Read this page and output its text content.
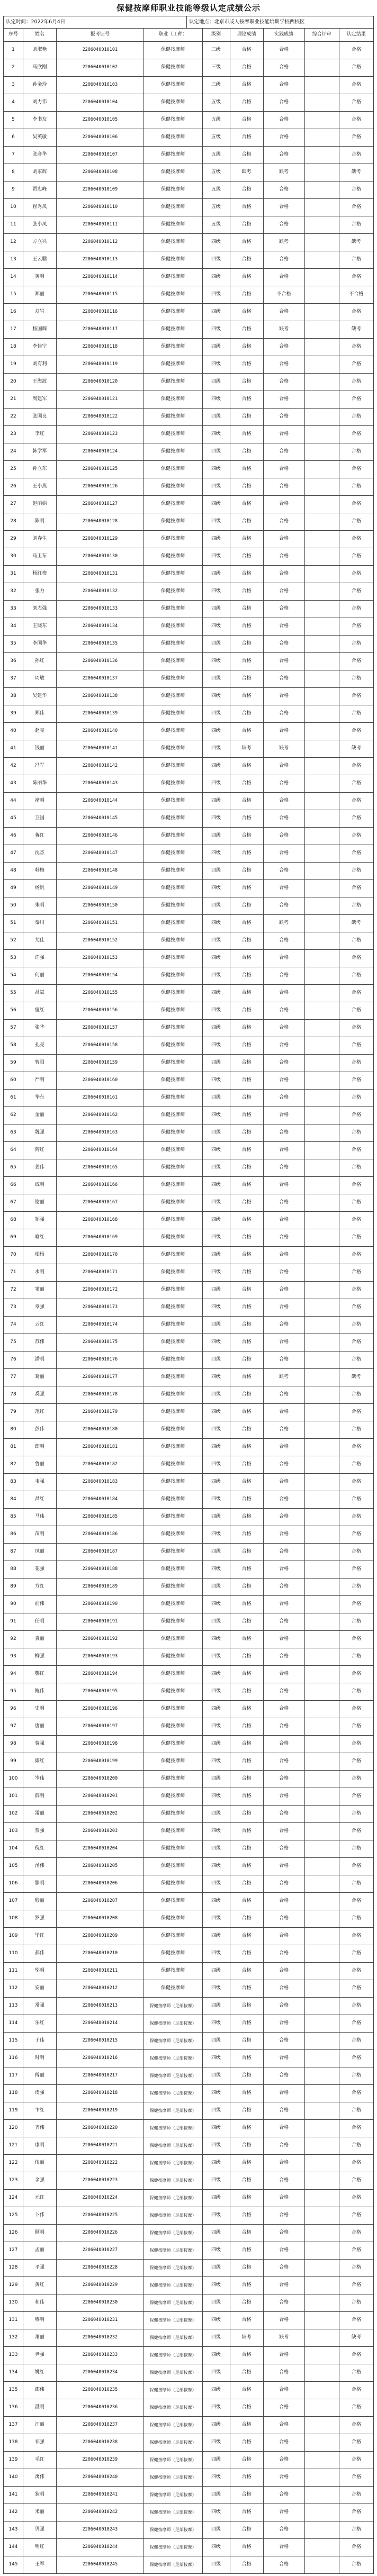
保健按摩师职业技能等级认定成绩公示
认定时间：2022年6月4日	认定地点：北京市成人按摩职业技能培训学校西校区
序号	姓名	报考证号	职业（工种）	级别	理论成绩	实践成绩	综合评审	认定结果
1	刘淑艳	2206040010101	保健按摩师	三级	合格	合格		合格
2	马欣刚	2206040010102	保健按摩师	三级	合格	合格		合格
3	孙金玲	2206040010103	保健按摩师	三级	合格	合格		合格
4	刘力伟	2206040010104	保健按摩师	五级	合格	合格		合格
5	李书友	2206040010105	保健按摩师	五级	合格	合格		合格
6	吴英敏	2206040010106	保健按摩师	五级	合格	合格		合格
7	张彦华	2206040010107	保健按摩师	五级	合格	合格		合格
8	刘家辉	2206040010108	保健按摩师	五级	缺考	缺考		缺考
9	贾忠峰	2206040010109	保健按摩师	五级	合格	合格		合格
10	崔秀凤	2206040010110	保健按摩师	五级	合格	合格		合格
11	张小凤	2206040010111	保健按摩师	五级	合格	合格		合格
12	方立兴	2206040010112	保健按摩师	四级	合格	缺考		缺考
13	王云鹏	2206040010113	保健按摩师	四级	合格	合格		合格
14	黄明	2206040010114	保健按摩师	四级	合格	合格		合格
15	郑丽	2206040010115	保健按摩师	四级	合格	不合格		不合格
16	刘岩	2206040010116	保健按摩师	四级	合格	合格		合格
17	杨国辉	2206040010117	保健按摩师	四级	合格	缺考		缺考
18	李佳宁	2206040010118	保健按摩师	四级	合格	合格		合格
19	刘有利	2206040010119	保健按摩师	四级	合格	合格		合格
20	王海波	2206040010120	保健按摩师	四级	合格	合格		合格
21	周建军	2206040010121	保健按摩师	四级	合格	合格		合格
22	张国良	2206040010122	保健按摩师	四级	合格	合格		合格
23	李红	2206040010123	保健按摩师	四级	合格	合格		合格
24	韩学军	2206040010124	保健按摩师	四级	合格	合格		合格
25	孙立东	2206040010125	保健按摩师	四级	合格	合格		合格
26	王小燕	2206040010126	保健按摩师	四级	合格	合格		合格
27	赵丽娟	2206040010127	保健按摩师	四级	合格	合格		合格
28	陈明	2206040010128	保健按摩师	四级	合格	合格		合格
29	刘春生	2206040010129	保健按摩师	四级	合格	合格		合格
30	马卫东	2206040010130	保健按摩师	四级	合格	合格		合格
31	杨红梅	2206040010131	保健按摩师	四级	合格	合格		合格
32	张力	2206040010132	保健按摩师	四级	合格	合格		合格
33	刘志强	2206040010133	保健按摩师	四级	合格	合格		合格
34	王晓东	2206040010134	保健按摩师	四级	合格	合格		合格
35	李国华	2206040010135	保健按摩师	四级	合格	合格		合格
36	孙红	2206040010136	保健按摩师	四级	合格	合格		合格
37	周敏	2206040010137	保健按摩师	四级	合格	合格		合格
38	吴建华	2206040010138	保健按摩师	四级	合格	合格		合格
39	郑伟	2206040010139	保健按摩师	四级	合格	合格		合格
40	赵亮	2206040010140	保健按摩师	四级	合格	合格		合格
41	钱丽	2206040010141	保健按摩师	四级	缺考	缺考		缺考
42	冯军	2206040010142	保健按摩师	四级	合格	合格		合格
43	陈丽华	2206040010143	保健按摩师	四级	合格	合格		合格
44	褚明	2206040010144	保健按摩师	四级	合格	合格		合格
45	卫国	2206040010145	保健按摩师	四级	合格	合格		合格
46	蒋红	2206040010146	保健按摩师	四级	合格	合格		合格
47	沈杰	2206040010147	保健按摩师	四级	合格	合格		合格
48	韩梅	2206040010148	保健按摩师	四级	合格	合格		合格
49	杨帆	2206040010149	保健按摩师	四级	合格	合格		合格
50	朱明	2206040010150	保健按摩师	四级	合格	合格		合格
51	秦川	2206040010151	保健按摩师	四级	合格	缺考		缺考
52	尤佳	2206040010152	保健按摩师	四级	合格	合格		合格
53	许强	2206040010153	保健按摩师	四级	合格	合格		合格
54	何丽	2206040010154	保健按摩师	四级	合格	合格		合格
55	吕斌	2206040010155	保健按摩师	四级	合格	合格		合格
56	施红	2206040010156	保健按摩师	四级	合格	合格		合格
57	张华	2206040010157	保健按摩师	四级	合格	合格		合格
58	孔亮	2206040010158	保健按摩师	四级	合格	合格		合格
59	曹阳	2206040010159	保健按摩师	四级	合格	合格		合格
60	严明	2206040010160	保健按摩师	四级	合格	合格		合格
61	华东	2206040010161	保健按摩师	四级	合格	合格		合格
62	金丽	2206040010162	保健按摩师	四级	合格	合格		合格
63	魏强	2206040010163	保健按摩师	四级	合格	合格		合格
64	陶红	2206040010164	保健按摩师	四级	合格	合格		合格
65	姜伟	2206040010165	保健按摩师	四级	合格	合格		合格
66	戚明	2206040010166	保健按摩师	四级	合格	合格		合格
67	谢丽	2206040010167	保健按摩师	四级	合格	合格		合格
68	邹强	2206040010168	保健按摩师	四级	合格	合格		合格
69	喻红	2206040010169	保健按摩师	四级	合格	合格		合格
70	柏杨	2206040010170	保健按摩师	四级	合格	合格		合格
71	水明	2206040010171	保健按摩师	四级	合格	合格		合格
72	窦丽	2206040010172	保健按摩师	四级	合格	合格		合格
73	章强	2206040010173	保健按摩师	四级	合格	合格		合格
74	云红	2206040010174	保健按摩师	四级	合格	合格		合格
75	苏伟	2206040010175	保健按摩师	四级	合格	合格		合格
76	潘明	2206040010176	保健按摩师	四级	合格	合格		合格
77	葛丽	2206040010177	保健按摩师	四级	合格	缺考		缺考
78	奚强	2206040010178	保健按摩师	四级	合格	合格		合格
79	范红	2206040010179	保健按摩师	四级	合格	合格		合格
80	彭伟	2206040010180	保健按摩师	四级	合格	合格		合格
81	郎明	2206040010181	保健按摩师	四级	合格	合格		合格
82	鲁丽	2206040010182	保健按摩师	四级	合格	合格		合格
83	韦强	2206040010183	保健按摩师	四级	合格	合格		合格
84	昌红	2206040010184	保健按摩师	四级	合格	合格		合格
85	马伟	2206040010185	保健按摩师	四级	合格	合格		合格
86	苗明	2206040010186	保健按摩师	四级	合格	合格		合格
87	凤丽	2206040010187	保健按摩师	四级	合格	合格		合格
88	花强	2206040010188	保健按摩师	四级	合格	合格		合格
89	方红	2206040010189	保健按摩师	四级	合格	合格		合格
90	俞伟	2206040010190	保健按摩师	四级	合格	合格		合格
91	任明	2206040010191	保健按摩师	四级	合格	合格		合格
92	袁丽	2206040010192	保健按摩师	四级	合格	合格		合格
93	柳强	2206040010193	保健按摩师	四级	合格	合格		合格
94	酆红	2206040010194	保健按摩师	四级	合格	合格		合格
95	鲍伟	2206040010195	保健按摩师	四级	合格	合格		合格
96	史明	2206040010196	保健按摩师	四级	合格	合格		合格
97	唐丽	2206040010197	保健按摩师	四级	合格	合格		合格
98	费强	2206040010198	保健按摩师	四级	合格	合格		合格
99	廉红	2206040010199	保健按摩师	四级	合格	合格		合格
100	岑伟	2206040010200	保健按摩师	四级	合格	合格		合格
101	薛明	2206040010201	保健按摩师	四级	合格	合格		合格
102	雷丽	2206040010202	保健按摩师	四级	合格	合格		合格
103	贺强	2206040010203	保健按摩师	四级	合格	合格		合格
104	倪红	2206040010204	保健按摩师	四级	合格	合格		合格
105	汤伟	2206040010205	保健按摩师	四级	合格	合格		合格
106	滕明	2206040010206	保健按摩师	四级	合格	合格		合格
107	殷丽	2206040010207	保健按摩师	四级	合格	合格		合格
108	罗强	2206040010208	保健按摩师	四级	合格	合格		合格
109	毕红	2206040010209	保健按摩师	四级	合格	合格		合格
110	郝伟	2206040010210	保健按摩师	四级	合格	合格		合格
111	邬明	2206040010211	保健按摩师	四级	合格	合格		合格
112	安丽	2206040010212	保健按摩师	四级	合格	合格		合格
113	常强	2206040010213	保健按摩师（足部按摩）	四级	合格	合格		合格
114	乐红	2206040010214	保健按摩师（足部按摩）	四级	合格	合格		合格
115	于伟	2206040010215	保健按摩师（足部按摩）	四级	合格	合格		合格
116	时明	2206040010216	保健按摩师（足部按摩）	四级	合格	合格		合格
117	傅丽	2206040010217	保健按摩师（足部按摩）	四级	合格	合格		合格
118	皮强	2206040010218	保健按摩师（足部按摩）	四级	合格	合格		合格
119	卞红	2206040010219	保健按摩师（足部按摩）	四级	合格	合格		合格
120	齐伟	2206040010220	保健按摩师（足部按摩）	四级	合格	合格		合格
121	康明	2206040010221	保健按摩师（足部按摩）	四级	合格	合格		合格
122	伍丽	2206040010222	保健按摩师（足部按摩）	四级	合格	合格		合格
123	余强	2206040010223	保健按摩师（足部按摩）	四级	合格	合格		合格
124	元红	2206040010224	保健按摩师（足部按摩）	四级	合格	合格		合格
125	卜伟	2206040010225	保健按摩师（足部按摩）	四级	合格	合格		合格
126	顾明	2206040010226	保健按摩师（足部按摩）	四级	合格	合格		合格
127	孟丽	2206040010227	保健按摩师（足部按摩）	四级	合格	合格		合格
128	平强	2206040010228	保健按摩师（足部按摩）	四级	合格	合格		合格
129	黄红	2206040010229	保健按摩师（足部按摩）	四级	合格	合格		合格
130	和伟	2206040010230	保健按摩师（足部按摩）	四级	合格	合格		合格
131	穆明	2206040010231	保健按摩师（足部按摩）	四级	合格	合格		合格
132	萧丽	2206040010232	保健按摩师（足部按摩）	四级	缺考	缺考		缺考
133	尹强	2206040010233	保健按摩师（足部按摩）	四级	合格	合格		合格
134	姚红	2206040010234	保健按摩师（足部按摩）	四级	合格	合格		合格
135	邵伟	2206040010235	保健按摩师（足部按摩）	四级	合格	合格		合格
136	湛明	2206040010236	保健按摩师（足部按摩）	四级	合格	合格		合格
137	汪丽	2206040010237	保健按摩师（足部按摩）	四级	合格	合格		合格
138	祁强	2206040010238	保健按摩师（足部按摩）	四级	合格	合格		合格
139	毛红	2206040010239	保健按摩师（足部按摩）	四级	合格	合格		合格
140	禹伟	2206040010240	保健按摩师（足部按摩）	四级	合格	合格		合格
141	狄明	2206040010241	保健按摩师（足部按摩）	四级	合格	合格		合格
142	米丽	2206040010242	保健按摩师（足部按摩）	四级	合格	合格		合格
143	贝强	2206040010243	保健按摩师（足部按摩）	四级	合格	合格		合格
144	明红	2206040010244	保健按摩师（足部按摩）	四级	合格	合格		合格
145	王军	2206040010245	保健按摩师（足部按摩）	四级	合格	合格		合格
